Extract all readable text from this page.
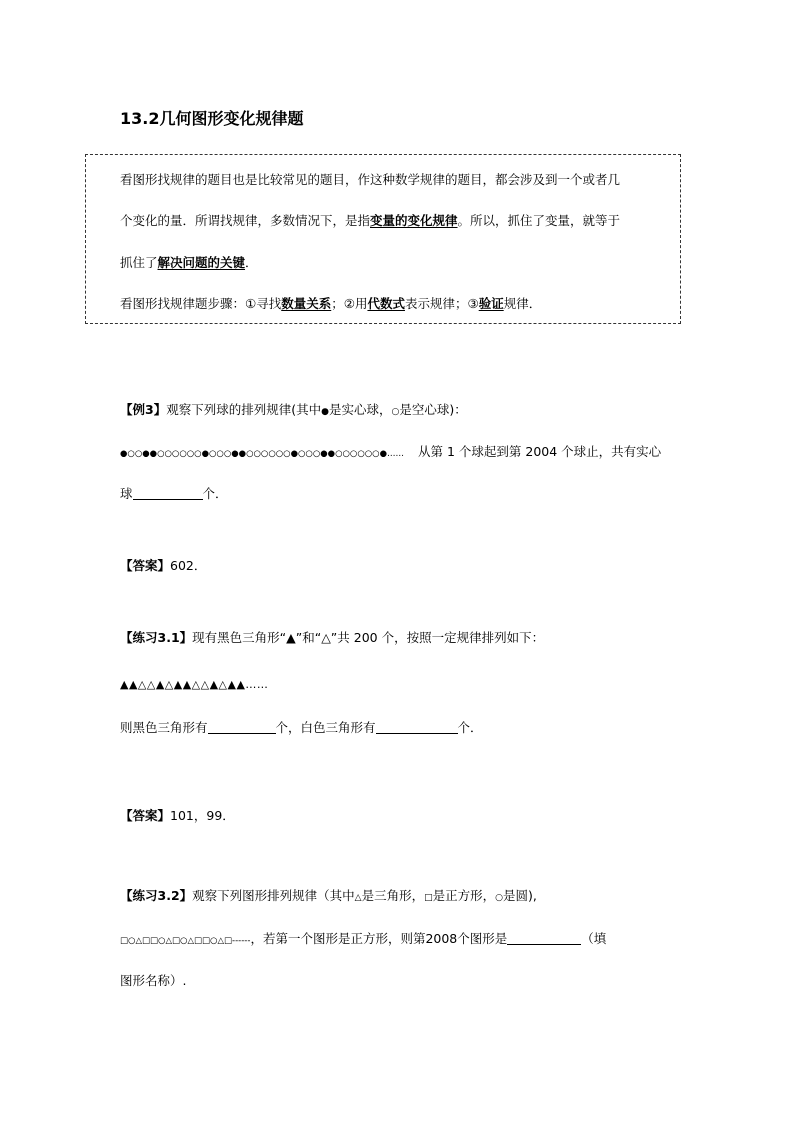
13.2几何图形变化规律题
看图形找规律的题目也是比较常见的题目，作这种数学规律的题目，都会涉及到一个或者几
个变化的量．所谓找规律，多数情况下，是指变量的变化规律。所以，抓住了变量，就等于
抓住了解决问题的关键．
看图形找规律题步骤：①寻找数量关系；②用代数式表示规律；③验证规律．
【例3】观察下列球的排列规律(其中●是实心球，○是空心球)：
●○○●●○○○○○○●○○○●●○○○○○○●○○○●●○○○○○○●…… 从第 1 个球起到第 2004 个球止，共有实心
球	个．
【答案】602．
【练习3.1】现有黑色三角形“▲”和“△”共 200 个，按照一定规律排列如下：
▲▲△△▲△▲▲△△▲△▲▲……
则黑色三角形有	个，白色三角形有	个．
【答案】101，99．
【练习3.2】观察下列图形排列规律（其中△是三角形，□是正方形，○是圆),
□○△□□○△□○△□□○△□------，若第一个图形是正方形，则第2008个图形是	（填
图形名称）.
